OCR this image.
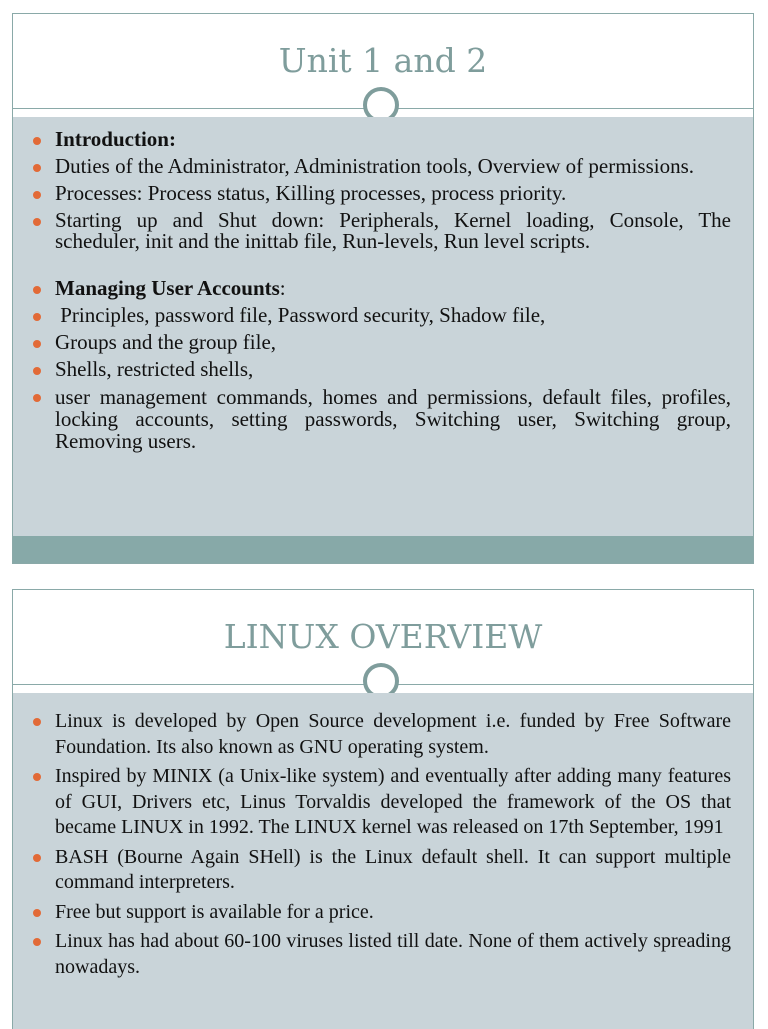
Unit 1 and 2
Introduction:
Duties of the Administrator, Administration tools, Overview of permissions.
Processes: Process status, Killing processes, process priority.
Starting up and Shut down: Peripherals, Kernel loading, Console, The scheduler, init and the inittab file, Run-levels, Run level scripts.
Managing User Accounts:
Principles, password file, Password security, Shadow file,
Groups and the group file,
Shells, restricted shells,
user management commands, homes and permissions, default files, profiles, locking accounts, setting passwords, Switching user, Switching group, Removing users.
LINUX OVERVIEW
Linux is developed by Open Source development i.e. funded by Free Software Foundation. Its also known as GNU operating system.
Inspired by MINIX (a Unix-like system) and eventually after adding many features of GUI, Drivers etc, Linus Torvaldis developed the framework of the OS that became LINUX in 1992. The LINUX kernel was released on 17th September, 1991
BASH (Bourne Again SHell) is the Linux default shell. It can support multiple command interpreters.
Free but support is available for a price.
Linux has had about 60-100 viruses listed till date. None of them actively spreading nowadays.
